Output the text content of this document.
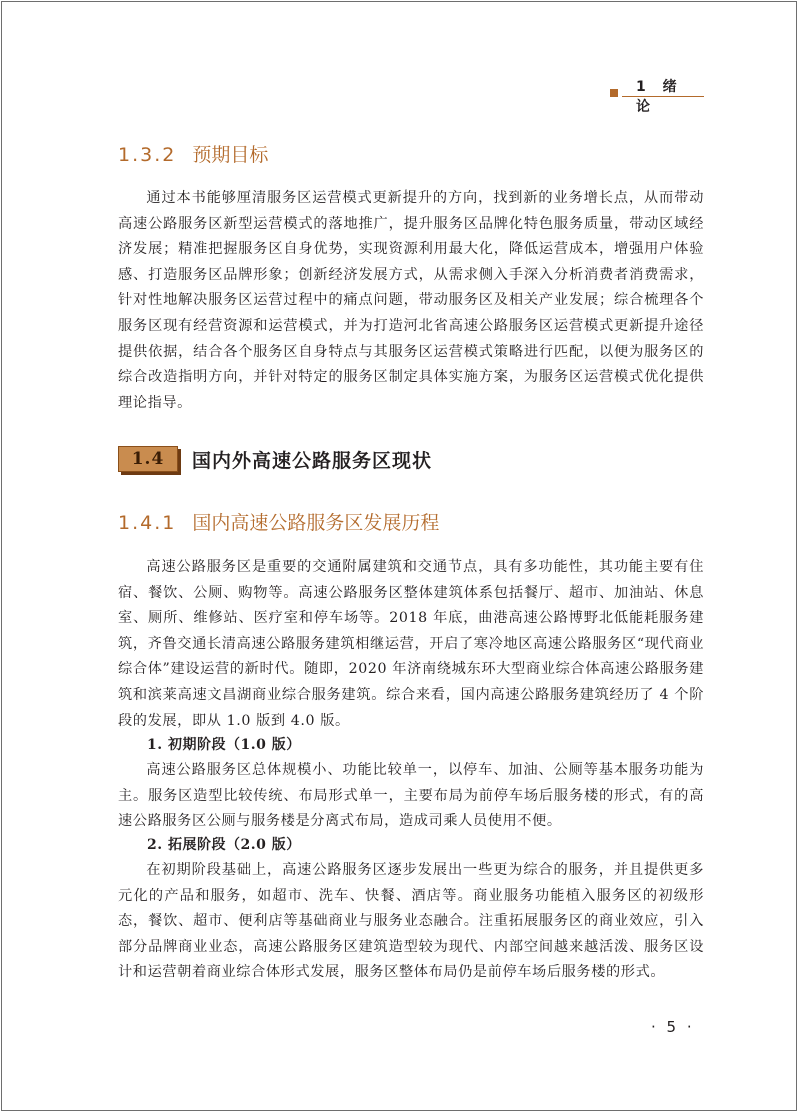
1 绪 论
1.3.2 预期目标
通过本书能够厘清服务区运营模式更新提升的方向，找到新的业务增长点，从而带动高速公路服务区新型运营模式的落地推广，提升服务区品牌化特色服务质量，带动区域经济发展；精准把握服务区自身优势，实现资源利用最大化，降低运营成本，增强用户体验感、打造服务区品牌形象；创新经济发展方式，从需求侧入手深入分析消费者消费需求，针对性地解决服务区运营过程中的痛点问题，带动服务区及相关产业发展；综合梳理各个服务区现有经营资源和运营模式，并为打造河北省高速公路服务区运营模式更新提升途径提供依据，结合各个服务区自身特点与其服务区运营模式策略进行匹配，以便为服务区的综合改造指明方向，并针对特定的服务区制定具体实施方案，为服务区运营模式优化提供理论指导。
1.4	国内外高速公路服务区现状
1.4.1 国内高速公路服务区发展历程
高速公路服务区是重要的交通附属建筑和交通节点，具有多功能性，其功能主要有住宿、餐饮、公厕、购物等。高速公路服务区整体建筑体系包括餐厅、超市、加油站、休息室、厕所、维修站、医疗室和停车场等。2018 年底，曲港高速公路博野北低能耗服务建筑，齐鲁交通长清高速公路服务建筑相继运营，开启了寒冷地区高速公路服务区“现代商业综合体”建设运营的新时代。随即，2020 年济南绕城东环大型商业综合体高速公路服务建筑和滨莱高速文昌湖商业综合服务建筑。综合来看，国内高速公路服务建筑经历了 4 个阶段的发展，即从 1.0 版到 4.0 版。
1. 初期阶段（1.0 版）
高速公路服务区总体规模小、功能比较单一，以停车、加油、公厕等基本服务功能为主。服务区造型比较传统、布局形式单一，主要布局为前停车场后服务楼的形式，有的高速公路服务区公厕与服务楼是分离式布局，造成司乘人员使用不便。
2. 拓展阶段（2.0 版）
在初期阶段基础上，高速公路服务区逐步发展出一些更为综合的服务，并且提供更多元化的产品和服务，如超市、洗车、快餐、酒店等。商业服务功能植入服务区的初级形态，餐饮、超市、便利店等基础商业与服务业态融合。注重拓展服务区的商业效应，引入部分品牌商业业态，高速公路服务区建筑造型较为现代、内部空间越来越活泼、服务区设计和运营朝着商业综合体形式发展，服务区整体布局仍是前停车场后服务楼的形式。
· 5 ·
